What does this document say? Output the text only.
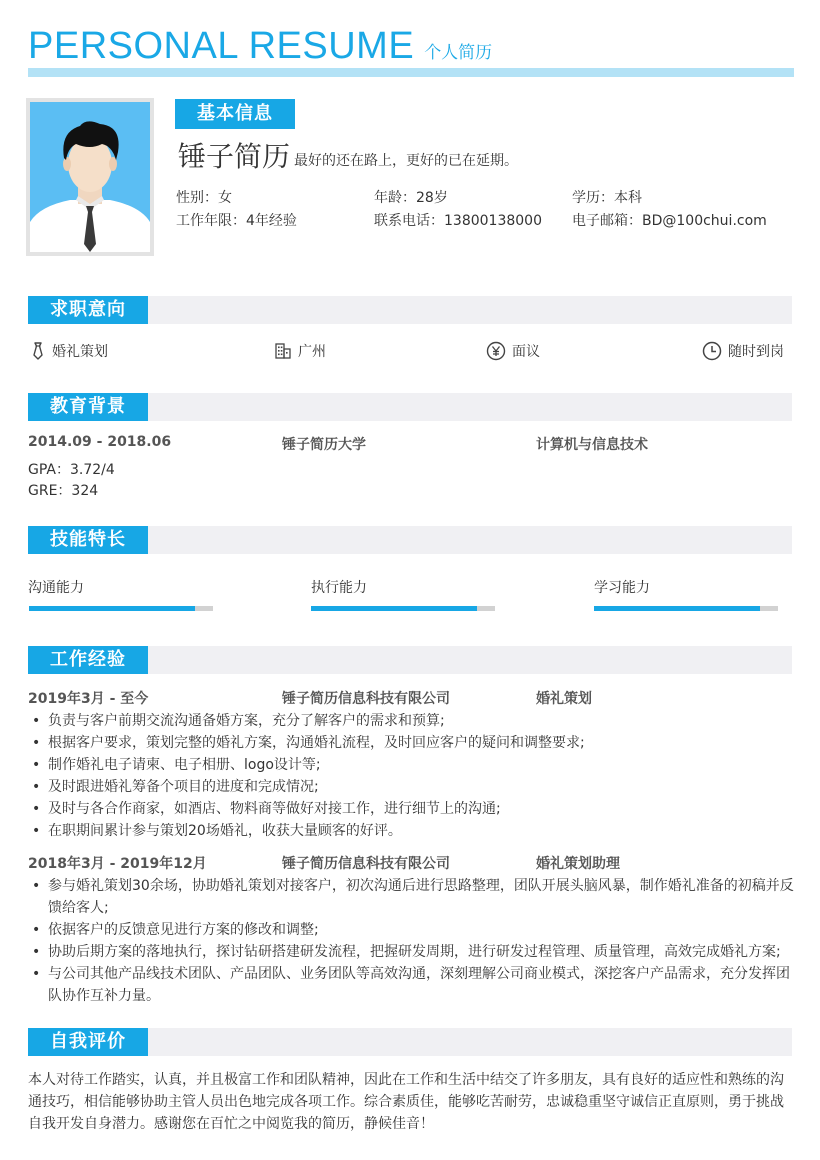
PERSONAL RESUME 个人简历
基本信息
锤子简历 最好的还在路上，更好的已在延期。
性别：女	年龄：28岁	学历：本科
工作年限：4年经验	联系电话：13800138000	电子邮箱：BD@100chui.com
求职意向
婚礼策划	广州	面议	随时到岗
教育背景
2014.09 - 2018.06	锤子简历大学	计算机与信息技术
GPA：3.72/4
GRE：324
技能特长
沟通能力	执行能力	学习能力
工作经验
2019年3月 - 至今	锤子简历信息科技有限公司	婚礼策划
• 负责与客户前期交流沟通备婚方案，充分了解客户的需求和预算;
• 根据客户要求，策划完整的婚礼方案，沟通婚礼流程，及时回应客户的疑问和调整要求;
• 制作婚礼电子请柬、电子相册、logo设计等;
• 及时跟进婚礼筹备个项目的进度和完成情况;
• 及时与各合作商家，如酒店、物料商等做好对接工作，进行细节上的沟通;
• 在职期间累计参与策划20场婚礼，收获大量顾客的好评。
2018年3月 - 2019年12月	锤子简历信息科技有限公司	婚礼策划助理
• 参与婚礼策划30余场，协助婚礼策划对接客户，初次沟通后进行思路整理，团队开展头脑风暴，制作婚礼准备的初稿并反馈给客人;
• 依据客户的反馈意见进行方案的修改和调整;
• 协助后期方案的落地执行，探讨钻研搭建研发流程，把握研发周期，进行研发过程管理、质量管理，高效完成婚礼方案;
• 与公司其他产品线技术团队、产品团队、业务团队等高效沟通，深刻理解公司商业模式，深挖客户产品需求，充分发挥团队协作互补力量。
自我评价
本人对待工作踏实，认真，并且极富工作和团队精神，因此在工作和生活中结交了许多朋友，具有良好的适应性和熟练的沟通技巧，相信能够协助主管人员出色地完成各项工作。综合素质佳，能够吃苦耐劳，忠诚稳重坚守诚信正直原则，勇于挑战自我开发自身潜力。感谢您在百忙之中阅览我的简历，静候佳音！
